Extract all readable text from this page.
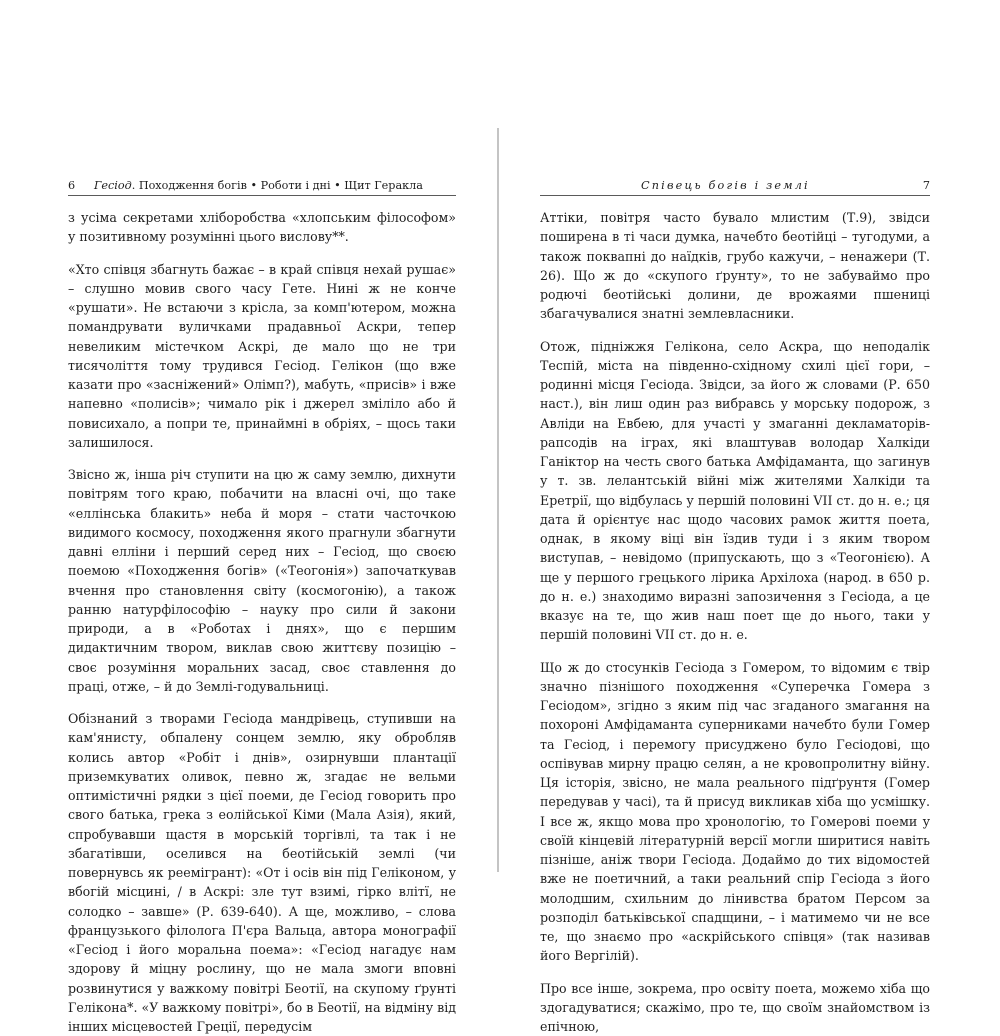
6 Гесіод. Походження богів • Роботи і дні • Щит Геракла

з усіма секретами хліборобства «хлопським філософом» у позитивному розумінні цього вислову**.

«Хто співця збагнуть бажає – в край співця нехай рушає» – слушно мовив свого часу Гете. Нині ж не конче «рушати». Не встаючи з крісла, за комп'ютером, можна помандрувати вуличками прадавньої Аскри, тепер невеликим містечком Аскрі, де мало що не три тисячоліття тому трудився Гесіод. Гелікон (що вже казати про «засніжений» Олімп?), мабуть, «присів» і вже напевно «полисів»; чимало рік і джерел зміліло або й повисихало, а попри те, принаймні в обріях, – щось таки залишилося.

Звісно ж, інша річ ступити на цю ж саму землю, дихнути повітрям того краю, побачити на власні очі, що таке «еллінська блакить» неба й моря – стати часточкою видимого космосу, походження якого прагнули збагнути давні елліни і перший серед них – Гесіод, що своєю поемою «Походження богів» («Теогонія») започаткував вчення про становлення світу (космогонію), а також ранню натурфілософію – науку про сили й закони природи, а в «Роботах і днях», що є першим дидактичним твором, виклав свою життєву позицію – своє розуміння моральних засад, своє ставлення до праці, отже, – й до Землі-годувальниці.

Обізнаний з творами Гесіода мандрівець, ступивши на кам'янисту, обпалену сонцем землю, яку обробляв колись автор «Робіт і днів», озирнувши плантації приземкуватих оливок, певно ж, згадає не вельми оптимістичні рядки з цієї поеми, де Гесіод говорить про свого батька, грека з еолійської Кіми (Мала Азія), який, спробувавши щастя в морській торгівлі, та так і не збагатівши, оселився на беотійській землі (чи повернувсь як реемігрант): «От і осів він під Геліконом, у вбогій місцині, / в Аскрі: зле тут взимі, гірко влітї, не солодко – завше» (Р. 639-640). А ще, можливо, – слова французького філолога П'єра Вальца, автора монографії «Гесіод і його моральна поема»: «Гесіод нагадує нам здорову й міцну рослину, що не мала змоги вповні розвинутися у важкому повітрі Беотії, на скупому ґрунті Гелікона*. «У важкому повітрі», бо в Беотії, на відміну від інших місцевостей Греції, передусім

Співець богів і землі	7

Аттіки, повітря часто бувало млистим (Т.9), звідси поширена в ті часи думка, начебто беотійці – тугодуми, а також поквапні до наїдків, грубо кажучи, – ненажери (Т. 26). Що ж до «скупого ґрунту», то не забуваймо про родючі беотійські долини, де врожаями пшениці збагачувалися знатні землевласники.

Отож, підніжжя Гелікона, село Аскра, що неподалік Теспій, міста на південно-східному схилі цієї гори, – родинні місця Гесіода. Звідси, за його ж словами (Р. 650 наст.), він лиш один раз вибравсь у морську подорож, з Авліди на Евбею, для участі у змаганні декламаторів-рапсодів на іграх, які влаштував володар Халкіди Ганіктор на честь свого батька Амфідаманта, що загинув у т. зв. лелантській війні між жителями Халкіди та Еретрії, що відбулась у першій половині VII ст. до н. е.; ця дата й орієнтує нас щодо часових рамок життя поета, однак, в якому віці він їздив туди і з яким твором виступав, – невідомо (припускають, що з «Теогонією). А ще у першого грецького лірика Архілоха (народ. в 650 р. до н. е.) знаходимо виразні запозичення з Гесіода, а це вказує на те, що жив наш поет ще до нього, таки у першій половині VII ст. до н. е.

Що ж до стосунків Гесіода з Гомером, то відомим є твір значно пізнішого походження «Суперечка Гомера з Гесіодом», згідно з яким під час згаданого змагання на похороні Амфідаманта суперниками начебто були Гомер та Гесіод, і перемогу присуджено було Гесіодові, що оспівував мирну працю селян, а не кровопролитну війну. Ця історія, звісно, не мала реального підґрунтя (Гомер передував у часі), та й присуд викликав хіба що усмішку. І все ж, якщо мова про хронологію, то Гомерові поеми у своїй кінцевій літературній версії могли ширитися навіть пізніше, аніж твори Гесіода. Додаймо до тих відомостей вже не поетичний, а таки реальний спір Гесіода з його молодшим, схильним до лінивства братом Персом за розподіл батьківської спадщини, – і матимемо чи не все те, що знаємо про «аскрійського співця» (так називав його Вергілій).

Про все інше, зокрема, про освіту поета, можемо хіба що здогадуватися; скажімо, про те, що своїм знайомством із епічною,
